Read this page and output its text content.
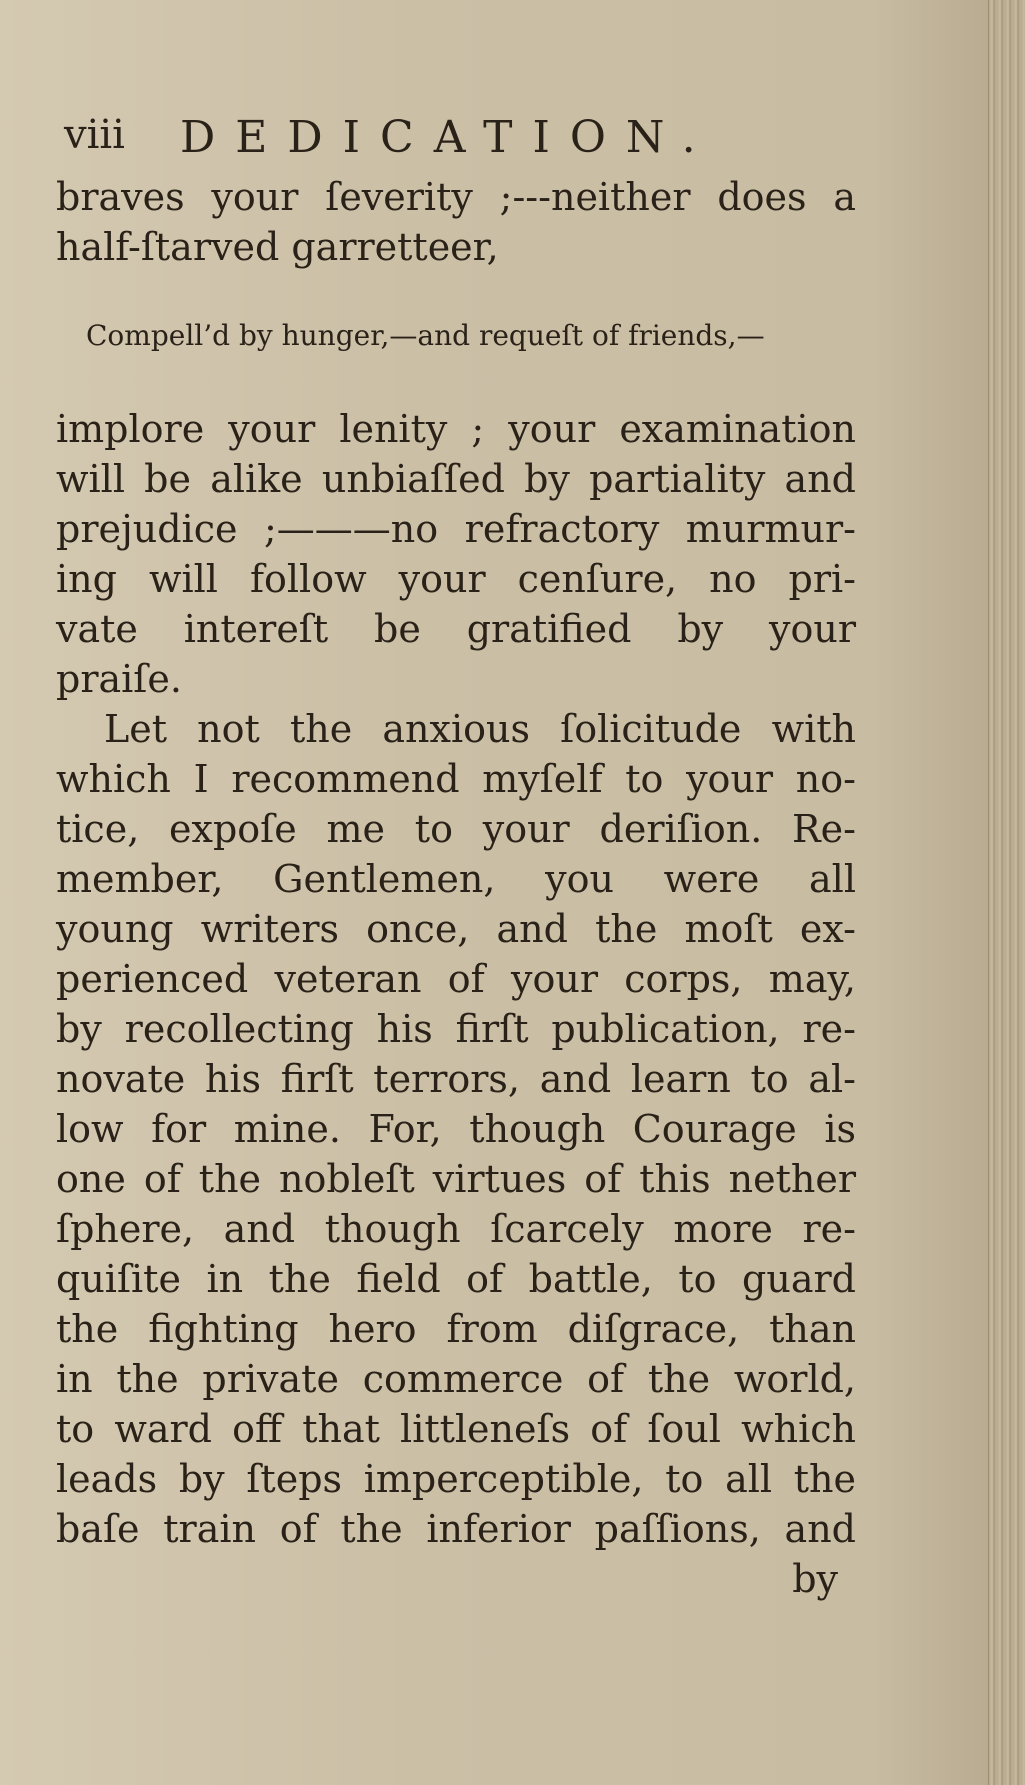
viii DEDICATION.
braves your ſeverity ;---neither does a
half-ſtarved garretteer,
Compell’d by hunger,—and requeſt of friends,—
implore your lenity ; your examination
will be alike unbiaſſed by partiality and
prejudice ;———no refractory murmur-
ing will follow your cenſure, no pri-
vate intereſt be gratified by your
praiſe.
Let not the anxious ſolicitude with
which I recommend myſelf to your no-
tice, expoſe me to your deriſion. Re-
member, Gentlemen, you were all
young writers once, and the moſt ex-
perienced veteran of your corps, may,
by recollecting his firſt publication, re-
novate his firſt terrors, and learn to al-
low for mine. For, though Courage is
one of the nobleſt virtues of this nether
ſphere, and though ſcarcely more re-
quiſite in the field of battle, to guard
the fighting hero from diſgrace, than
in the private commerce of the world,
to ward off that littleneſs of ſoul which
leads by ſteps imperceptible, to all the
baſe train of the inferior paſſions, and
by
